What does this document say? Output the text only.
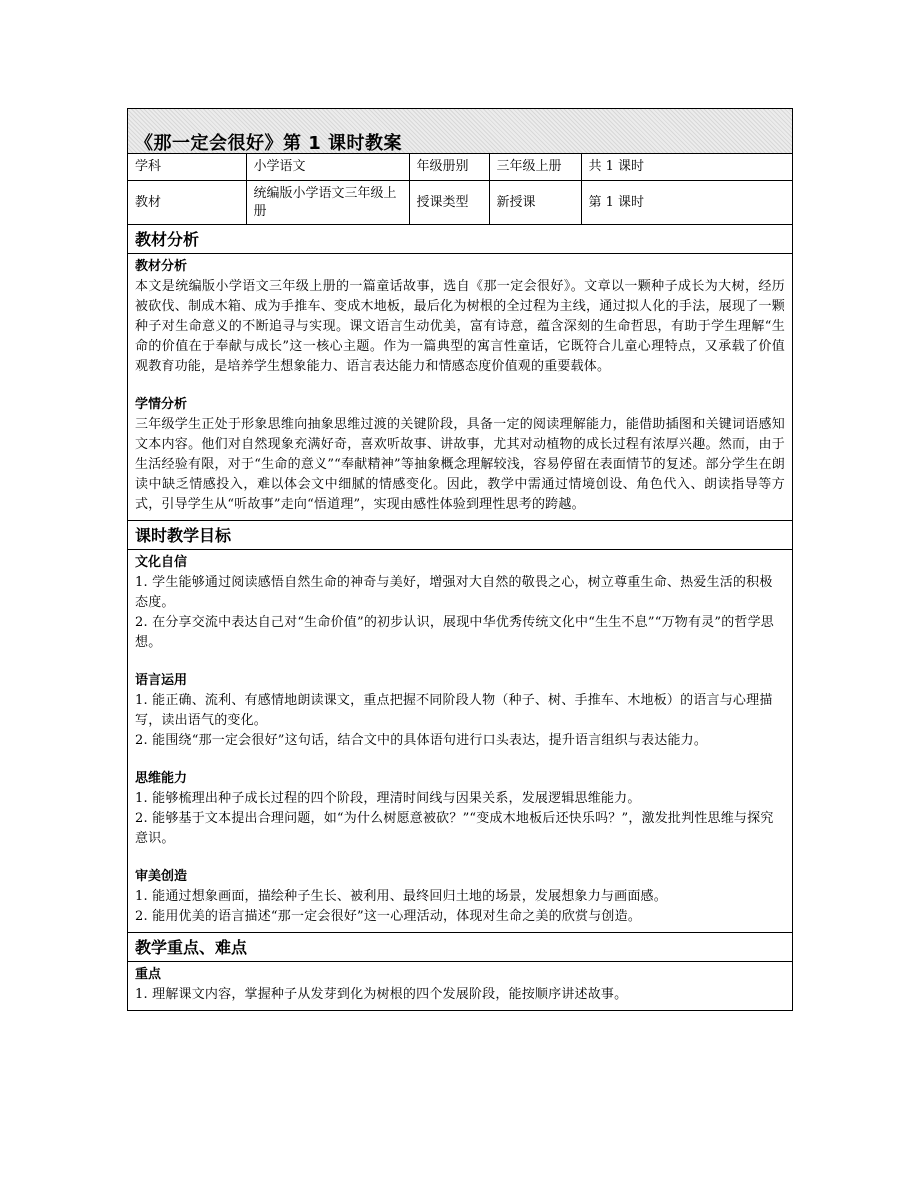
《那一定会很好》第 1 课时教案
学科	小学语文	年级册别	三年级上册	共 1 课时
教材	统编版小学语文三年级上册	授课类型	新授课	第 1 课时
教材分析
教材分析
本文是统编版小学语文三年级上册的一篇童话故事，选自《那一定会很好》。文章以一颗种子成长为大树，经历被砍伐、制成木箱、成为手推车、变成木地板，最后化为树根的全过程为主线，通过拟人化的手法，展现了一颗种子对生命意义的不断追寻与实现。课文语言生动优美，富有诗意，蕴含深刻的生命哲思，有助于学生理解“生命的价值在于奉献与成长”这一核心主题。作为一篇典型的寓言性童话，它既符合儿童心理特点，又承载了价值观教育功能，是培养学生想象能力、语言表达能力和情感态度价值观的重要载体。
学情分析
三年级学生正处于形象思维向抽象思维过渡的关键阶段，具备一定的阅读理解能力，能借助插图和关键词语感知文本内容。他们对自然现象充满好奇，喜欢听故事、讲故事，尤其对动植物的成长过程有浓厚兴趣。然而，由于生活经验有限，对于“生命的意义”“奉献精神”等抽象概念理解较浅，容易停留在表面情节的复述。部分学生在朗读中缺乏情感投入，难以体会文中细腻的情感变化。因此，教学中需通过情境创设、角色代入、朗读指导等方式，引导学生从“听故事”走向“悟道理”，实现由感性体验到理性思考的跨越。
课时教学目标
文化自信
1. 学生能够通过阅读感悟自然生命的神奇与美好，增强对大自然的敬畏之心，树立尊重生命、热爱生活的积极态度。
2. 在分享交流中表达自己对“生命价值”的初步认识，展现中华优秀传统文化中“生生不息”“万物有灵”的哲学思想。
语言运用
1. 能正确、流利、有感情地朗读课文，重点把握不同阶段人物（种子、树、手推车、木地板）的语言与心理描写，读出语气的变化。
2. 能围绕“那一定会很好”这句话，结合文中的具体语句进行口头表达，提升语言组织与表达能力。
思维能力
1. 能够梳理出种子成长过程的四个阶段，理清时间线与因果关系，发展逻辑思维能力。
2. 能够基于文本提出合理问题，如“为什么树愿意被砍？”“变成木地板后还快乐吗？”，激发批判性思维与探究意识。
审美创造
1. 能通过想象画面，描绘种子生长、被利用、最终回归土地的场景，发展想象力与画面感。
2. 能用优美的语言描述“那一定会很好”这一心理活动，体现对生命之美的欣赏与创造。
教学重点、难点
重点
1. 理解课文内容，掌握种子从发芽到化为树根的四个发展阶段，能按顺序讲述故事。
